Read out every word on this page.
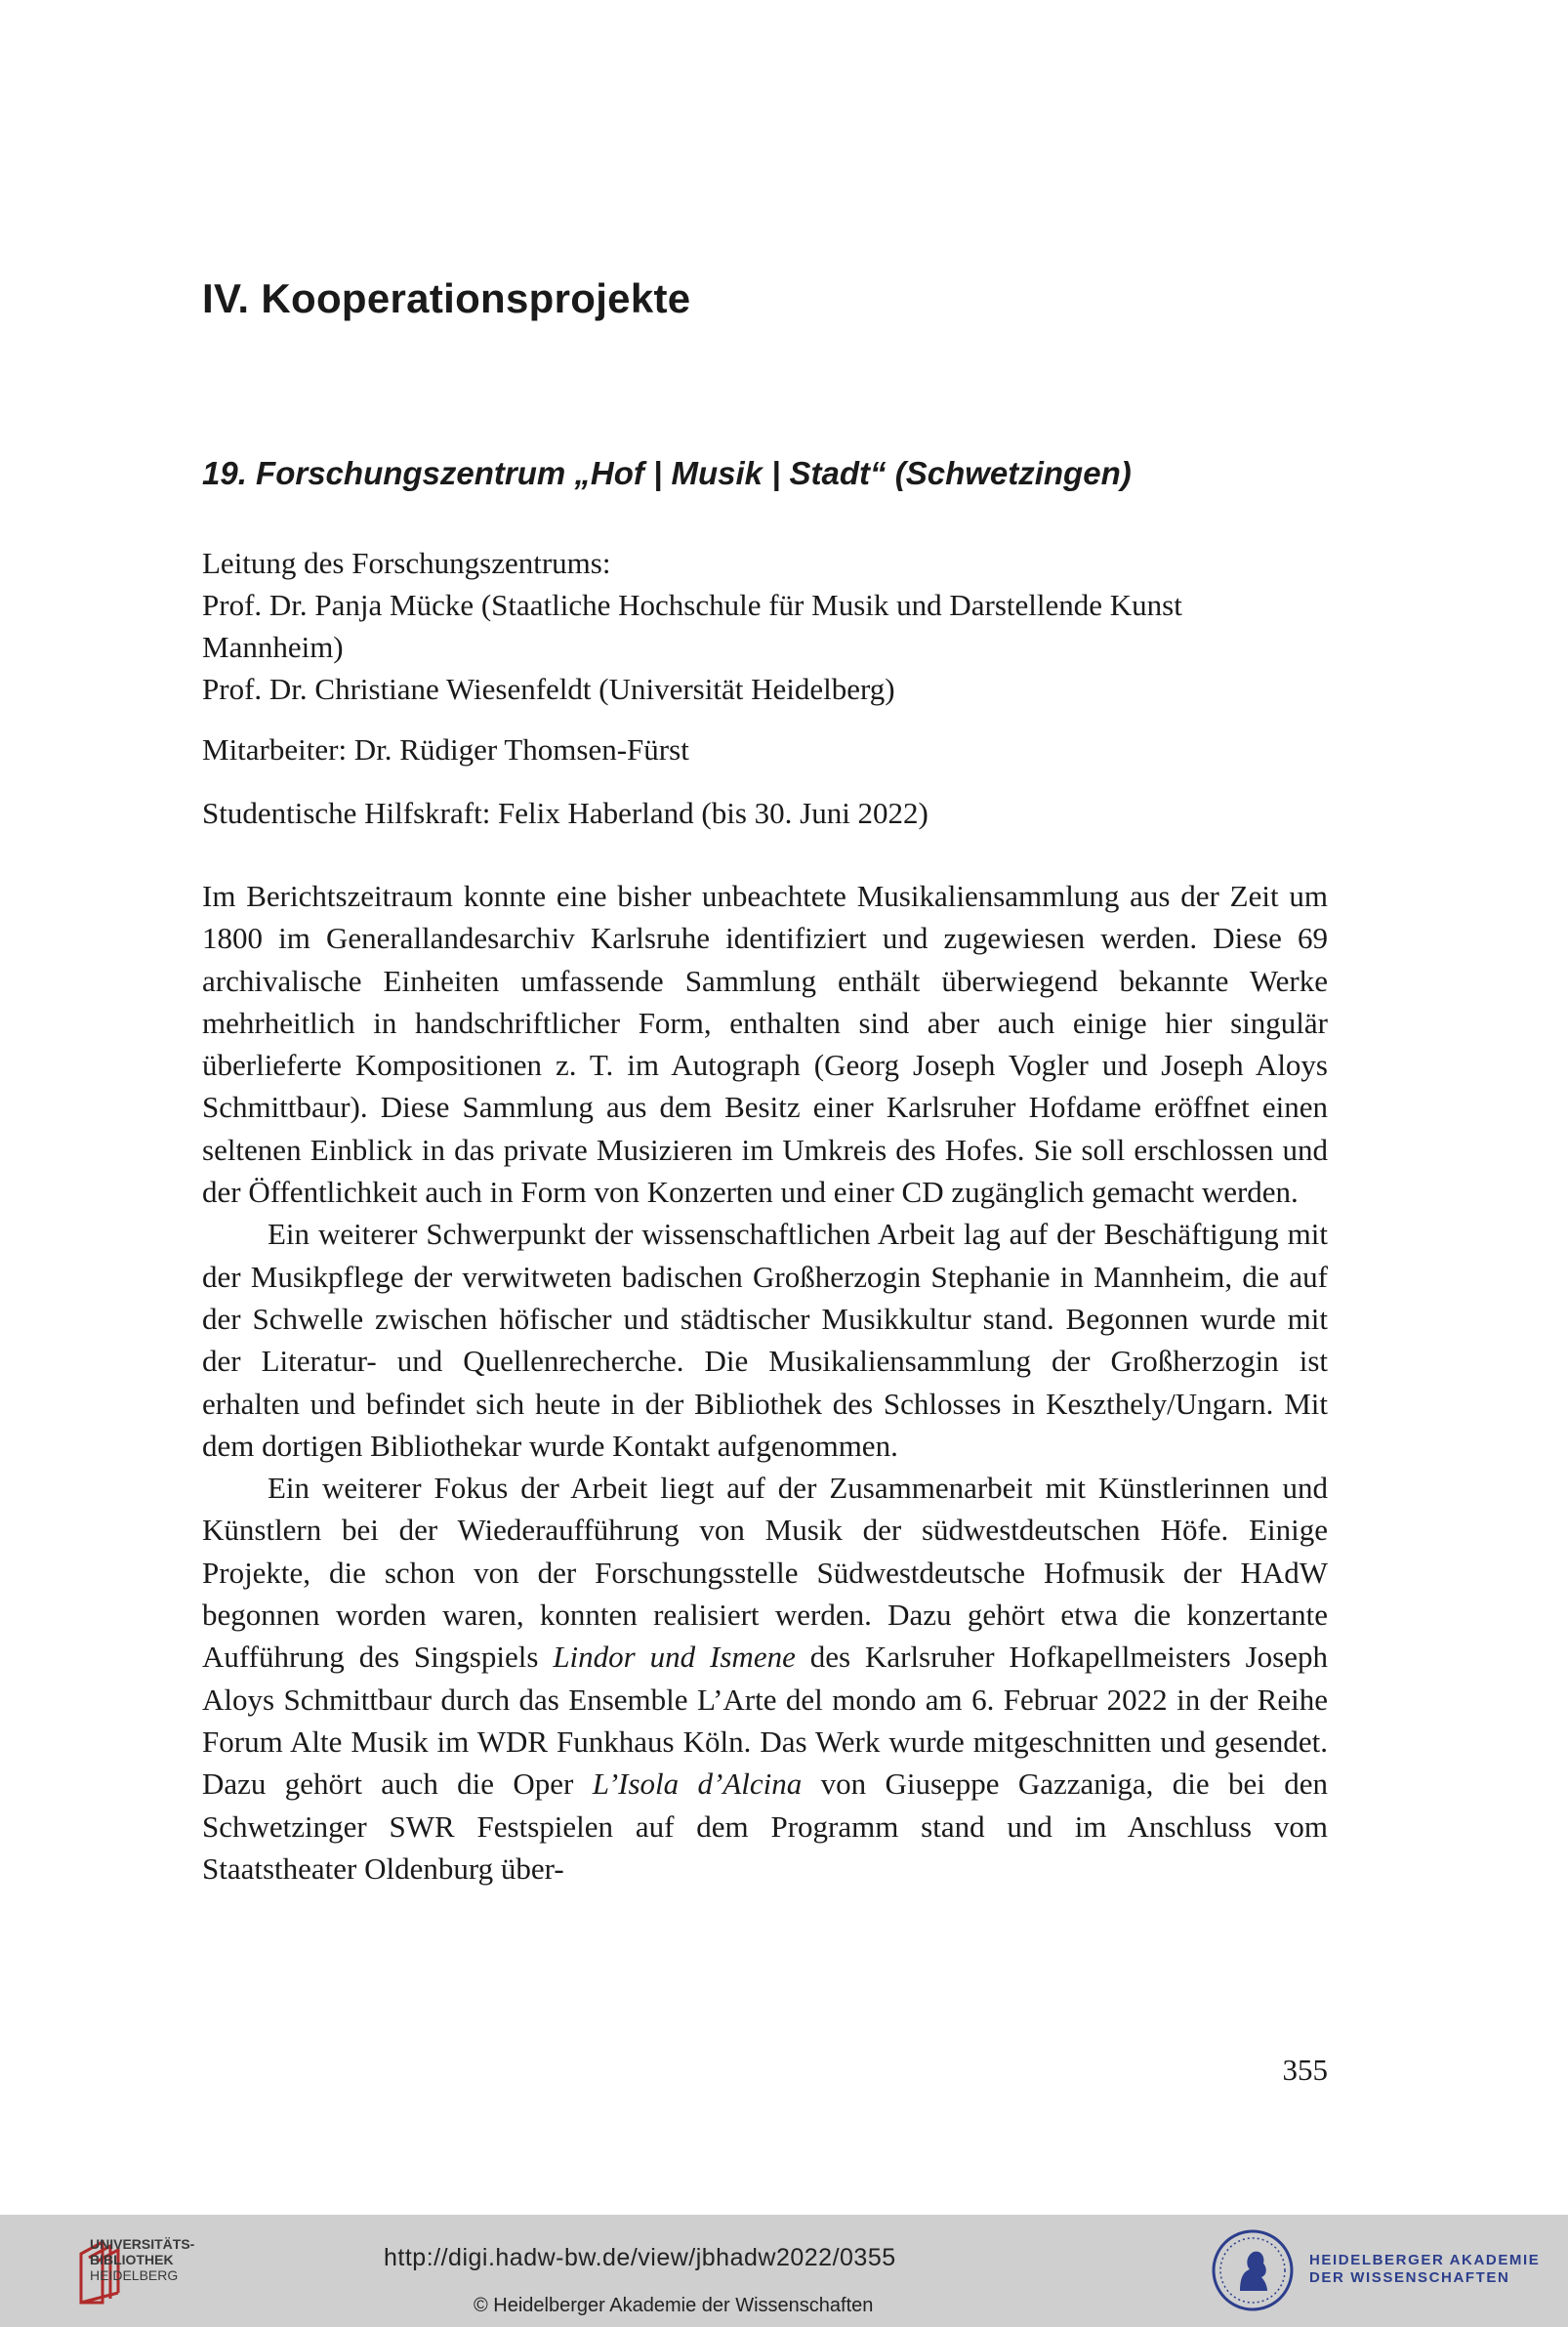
IV. Kooperationsprojekte
19. Forschungszentrum „Hof | Musik | Stadt“ (Schwetzingen)

Leitung des Forschungszentrums:

Prof. Dr. Panja Mücke (Staatliche Hochschule für Musik und Darstellende Kunst Mannheim)

Prof. Dr. Christiane Wiesenfeldt (Universität Heidelberg)

Mitarbeiter: Dr. Rüdiger Thomsen-Fürst

Studentische Hilfskraft: Felix Haberland (bis 30. Juni 2022)

Im Berichtszeitraum konnte eine bisher unbeachtete Musikaliensammlung aus der Zeit um 1800 im Generallandesarchiv Karlsruhe identifiziert und zugewiesen werden. Diese 69 archivalische Einheiten umfassende Sammlung enthält überwiegend bekannte Werke mehrheitlich in handschriftlicher Form, enthalten sind aber auch einige hier singulär überlieferte Kompositionen z. T. im Autograph (Georg Joseph Vogler und Joseph Aloys Schmittbaur). Diese Sammlung aus dem Besitz einer Karlsruher Hofdame eröffnet einen seltenen Einblick in das private Musizieren im Umkreis des Hofes. Sie soll erschlossen und der Öffentlichkeit auch in Form von Konzerten und einer CD zugänglich gemacht werden.

Ein weiterer Schwerpunkt der wissenschaftlichen Arbeit lag auf der Beschäftigung mit der Musikpflege der verwitweten badischen Großherzogin Stephanie in Mannheim, die auf der Schwelle zwischen höfischer und städtischer Musikkultur stand. Begonnen wurde mit der Literatur- und Quellenrecherche. Die Musikaliensammlung der Großherzogin ist erhalten und befindet sich heute in der Bibliothek des Schlosses in Keszthely/Ungarn. Mit dem dortigen Bibliothekar wurde Kontakt aufgenommen.

Ein weiterer Fokus der Arbeit liegt auf der Zusammenarbeit mit Künstlerinnen und Künstlern bei der Wiederaufführung von Musik der südwestdeutschen Höfe. Einige Projekte, die schon von der Forschungsstelle Südwestdeutsche Hofmusik der HAdW begonnen worden waren, konnten realisiert werden. Dazu gehört etwa die konzertante Aufführung des Singspiels Lindor und Ismene des Karlsruher Hofkapellmeisters Joseph Aloys Schmittbaur durch das Ensemble L’Arte del mondo am 6. Februar 2022 in der Reihe Forum Alte Musik im WDR Funkhaus Köln. Das Werk wurde mitgeschnitten und gesendet. Dazu gehört auch die Oper L’Isola d’Alcina von Giuseppe Gazzaniga, die bei den Schwetzinger SWR Festspielen auf dem Programm stand und im Anschluss vom Staatstheater Oldenburg über-

355
UNIVERSITÄTS-
BIBLIOTHEK
HEIDELBERG
http://digi.hadw-bw.de/view/jbhadw2022/0355
© Heidelberger Akademie der Wissenschaften
HEIDELBERGER AKADEMIE
DER WISSENSCHAFTEN
